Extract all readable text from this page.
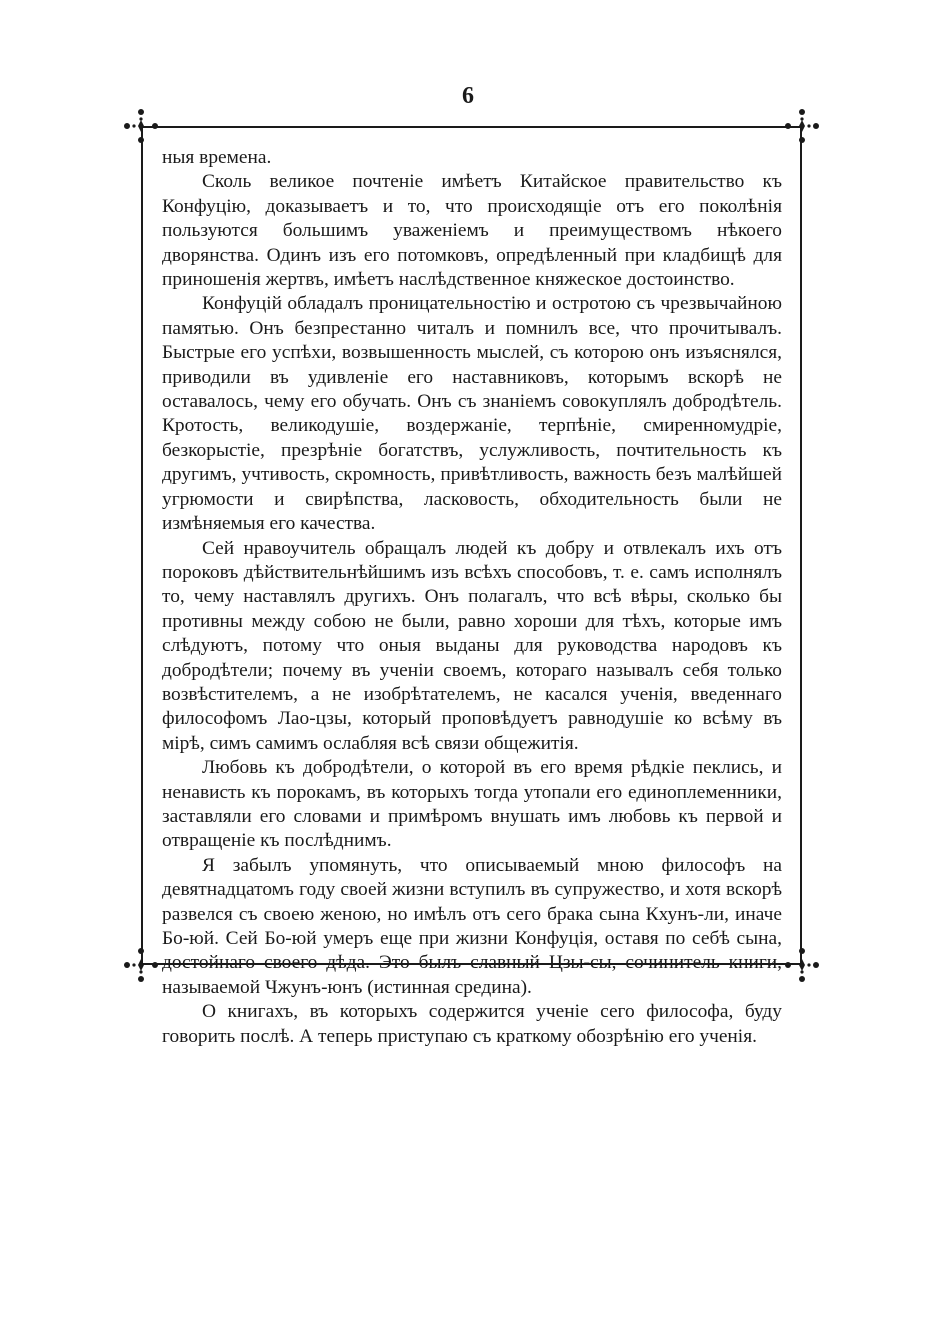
6

ныя времена.

Сколь великое почтеніе имѣетъ Китайское правительство къ Конфуцію, доказываетъ и то, что происходящіе отъ его поколѣнія пользуются большимъ уваженіемъ и преимуществомъ нѣкоего дворянства. Одинъ изъ его потомковъ, опредѣленный при кладбищѣ для приношенія жертвъ, имѣетъ наслѣдственное княжеское достоинство.

Конфуцій обладалъ проницательностію и остротою съ чрезвычайною памятью. Онъ безпрестанно читалъ и помнилъ все, что прочитывалъ. Быстрые его успѣхи, возвышенность мыслей, съ которою онъ изъяснялся, приводили въ удивленіе его наставниковъ, которымъ вскорѣ не оставалось, чему его обучать. Онъ съ знаніемъ совокуплялъ добродѣтель. Кротость, великодушіе, воздержаніе, терпѣніе, смиренномудріе, безкорыстіе, презрѣніе богатствъ, услужливость, почтительность къ другимъ, учтивость, скромность, привѣтливость, важность безъ малѣйшей угрюмости и свирѣпства, ласковость, обходительность были не измѣняемыя его качества.

Сей нравоучитель обращалъ людей къ добру и отвлекалъ ихъ отъ пороковъ дѣйствительнѣйшимъ изъ всѣхъ способовъ, т. е. самъ исполнялъ то, чему наставлялъ другихъ. Онъ полагалъ, что всѣ вѣры, сколько бы противны между собою не были, равно хороши для тѣхъ, которые имъ слѣдуютъ, потому что оныя выданы для руководства народовъ къ добродѣтели; почему въ ученіи своемъ, котораго называлъ себя только возвѣстителемъ, а не изобрѣтателемъ, не касался ученія, введеннаго философомъ Лао-цзы, который проповѣдуетъ равнодушіе ко всѣму въ мірѣ, симъ самимъ ослабляя всѣ связи общежитія.

Любовь къ добродѣтели, о которой въ его время рѣдкіе пеклись, и ненависть къ порокамъ, въ которыхъ тогда утопали его единоплеменники, заставляли его словами и примѣромъ внушать имъ любовь къ первой и отвращеніе къ послѣднимъ.

Я забылъ упомянуть, что описываемый мною философъ на девятнадцатомъ году своей жизни вступилъ въ супружество, и хотя вскорѣ развелся съ своею женою, но имѣлъ отъ сего брака сына Кхунъ-ли, иначе Бо-юй. Сей Бо-юй умеръ еще при жизни Конфуція, оставя по себѣ сына, достойнаго своего дѣда. Это былъ славный Цзы-сы, сочинитель книги, называемой Чжунъ-юнъ (истинная средина).

О книгахъ, въ которыхъ содержится ученіе сего философа, буду говорить послѣ. А теперь приступаю съ краткому обозрѣнію его ученія.
